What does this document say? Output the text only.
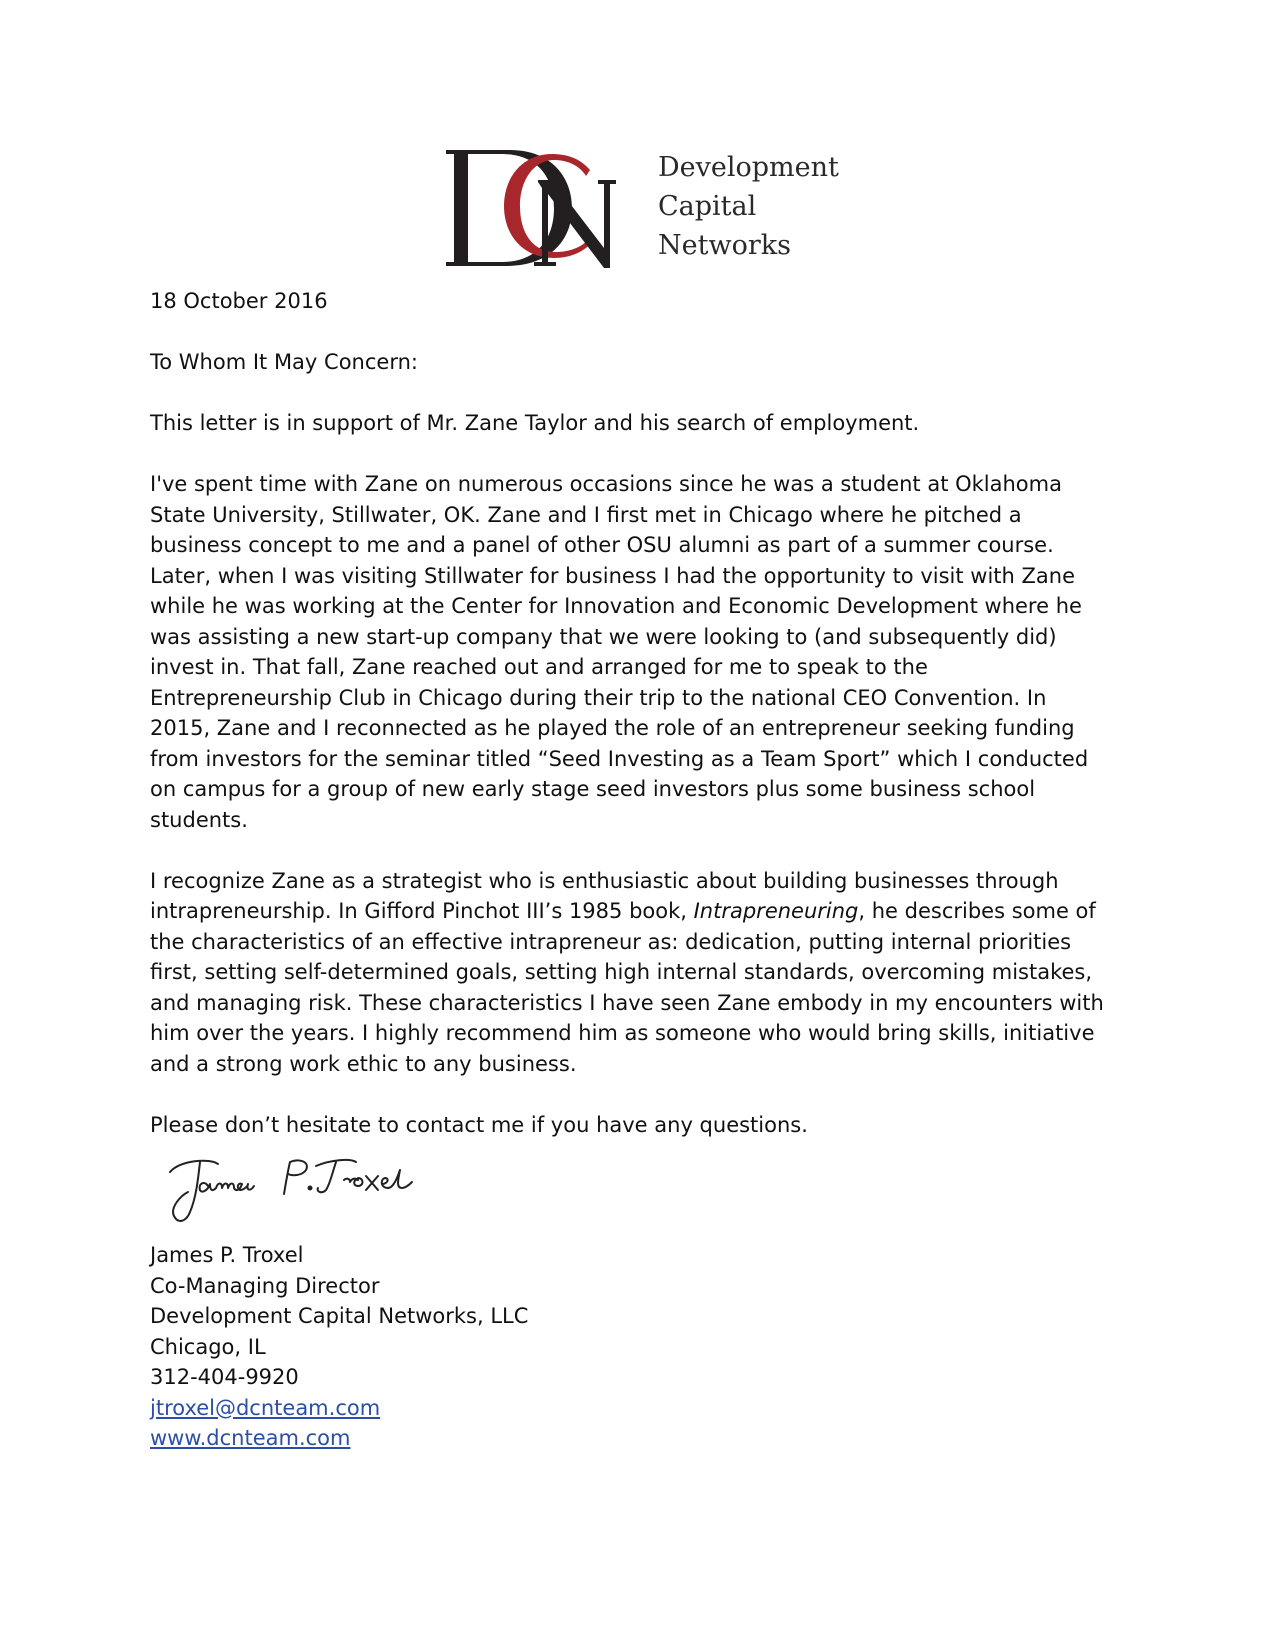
Development
Capital
Networks

18 October 2016

To Whom It May Concern:

This letter is in support of Mr. Zane Taylor and his search of employment.

I've spent time with Zane on numerous occasions since he was a student at Oklahoma State University, Stillwater, OK. Zane and I first met in Chicago where he pitched a business concept to me and a panel of other OSU alumni as part of a summer course. Later, when I was visiting Stillwater for business I had the opportunity to visit with Zane while he was working at the Center for Innovation and Economic Development where he was assisting a new start-up company that we were looking to (and subsequently did) invest in. That fall, Zane reached out and arranged for me to speak to the Entrepreneurship Club in Chicago during their trip to the national CEO Convention. In 2015, Zane and I reconnected as he played the role of an entrepreneur seeking funding from investors for the seminar titled “Seed Investing as a Team Sport” which I conducted on campus for a group of new early stage seed investors plus some business school students.

I recognize Zane as a strategist who is enthusiastic about building businesses through intrapreneurship. In Gifford Pinchot III’s 1985 book, Intrapreneuring, he describes some of the characteristics of an effective intrapreneur as: dedication, putting internal priorities first, setting self-determined goals, setting high internal standards, overcoming mistakes, and managing risk. These characteristics I have seen Zane embody in my encounters with him over the years. I highly recommend him as someone who would bring skills, initiative and a strong work ethic to any business.

Please don’t hesitate to contact me if you have any questions.

James P. Troxel
Co-Managing Director
Development Capital Networks, LLC
Chicago, IL
312-404-9920
jtroxel@dcnteam.com
www.dcnteam.com
